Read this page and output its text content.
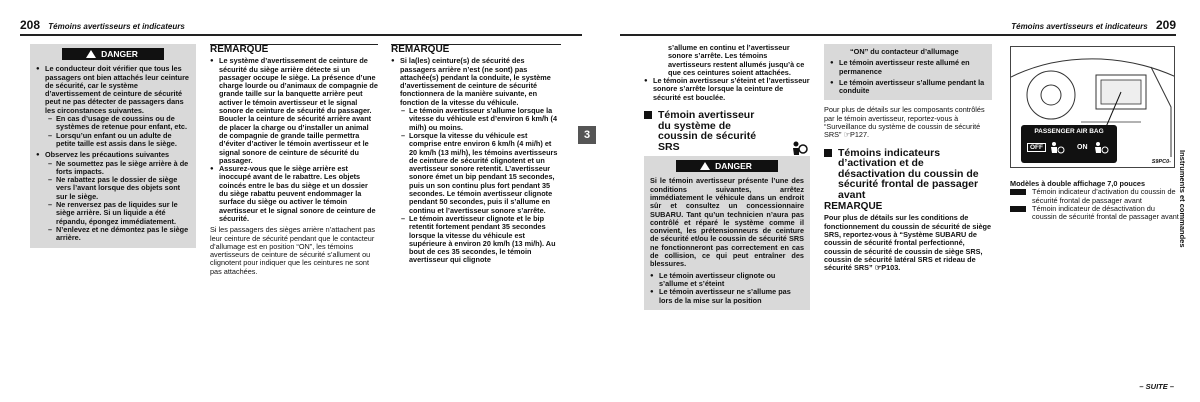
208 Témoins avertisseurs et indicateurs
DANGER

● Le conducteur doit vérifier que tous les passagers ont bien attachés leur ceinture de sécurité, car le système d’avertissement de ceinture de sécurité peut ne pas détecter de passagers dans les circonstances suivantes.

– En cas d’usage de coussins ou de systèmes de retenue pour enfant, etc.

– Lorsqu’un enfant ou un adulte de petite taille est assis dans le siège.

● Observez les précautions suivantes

– Ne soumettez pas le siège arrière à de forts impacts.

– Ne rabattez pas le dossier de siège vers l’avant lorsque des objets sont sur le siège.

– Ne renversez pas de liquides sur le siège arrière. Si un liquide a été répandu, épongez immédiatement.

– N’enlevez et ne démontez pas le siège arrière.

REMARQUE

● Le système d’avertissement de ceinture de sécurité du siège arrière détecte si un passager occupe le siège. La présence d’une charge lourde ou d’animaux de compagnie de grande taille sur la banquette arrière peut activer le témoin avertisseur et le signal sonore de ceinture de sécurité du passager. Boucler la ceinture de sécurité arrière avant de placer la charge ou d’installer un animal de compagnie de grande taille permettra d’éviter d’activer le témoin avertisseur et le signal sonore de ceinture de sécurité du passager.

● Assurez-vous que le siège arrière est inoccupé avant de le rabattre. Les objets coincés entre le bas du siège et un dossier du siège rabattu peuvent endommager la surface du siège ou activer le témoin avertisseur et le signal sonore de ceinture de sécurité.

Si les passagers des sièges arrière n’attachent pas leur ceinture de sécurité pendant que le contacteur d’allumage est en position “ON”, les témoins avertisseurs de ceinture de sécurité s’allument ou clignotent pour indiquer que les ceintures ne sont pas attachées.

REMARQUE

● Si la(les) ceinture(s) de sécurité des passagers arrière n’est (ne sont) pas attachée(s) pendant la conduite, le système d’avertissement de ceinture de sécurité fonctionnera de la manière suivante, en fonction de la vitesse du véhicule.

– Le témoin avertisseur s’allume lorsque la vitesse du véhicule est d’environ 6 km/h (4 mi/h) ou moins.

– Lorsque la vitesse du véhicule est comprise entre environ 6 km/h (4 mi/h) et 20 km/h (13 mi/h), les témoins avertisseurs de ceinture de sécurité clignotent et un avertisseur sonore retentit. L’avertisseur sonore émet un bip pendant 15 secondes, puis un son continu plus fort pendant 35 secondes. Le témoin avertisseur clignote pendant 50 secondes, puis il s’allume en continu et l’avertisseur sonore s’arrête.

– Le témoin avertisseur clignote et le bip retentit fortement pendant 35 secondes lorsque la vitesse du véhicule est supérieure à environ 20 km/h (13 mi/h). Au bout de ces 35 secondes, le témoin avertisseur qui clignote

Témoins avertisseurs et indicateurs 209

s’allume en continu et l’avertisseur sonore s’arrête. Les témoins avertisseurs restent allumés jusqu’à ce que ces ceintures soient attachées.

● Le témoin avertisseur s’éteint et l’avertisseur sonore s’arrête lorsque la ceinture de sécurité est bouclée.

Témoin avertisseur du système de coussin de sécurité SRS
DANGER

Si le témoin avertisseur présente l’une des conditions suivantes, arrêtez immédiatement le véhicule dans un endroit sûr et consultez un concessionnaire SUBARU. Tant qu’un technicien n’aura pas contrôlé et réparé le système comme il convient, les prétensionneurs de ceinture de sécurité et/ou le coussin de sécurité SRS ne fonctionneront pas correctement en cas de collision, ce qui peut entraîner des blessures.

● Le témoin avertisseur clignote ou s’allume et s’éteint

● Le témoin avertisseur ne s’allume pas lors de la mise sur la position

“ON” du contacteur d’allumage

● Le témoin avertisseur reste allumé en permanence

● Le témoin avertisseur s’allume pendant la conduite

Pour plus de détails sur les composants contrôlés par le témoin avertisseur, reportez-vous à “Surveillance du système de coussin de sécurité SRS” ☞P127.

Témoins indicateurs d’activation et de désactivation du coussin de sécurité frontal de passager avant
REMARQUE

Pour plus de détails sur les conditions de fonctionnement du coussin de sécurité de siège SRS, reportez-vous à “Système SUBARU de coussin de sécurité frontal perfectionné, coussin de sécurité de coussin de siège SRS, coussin de sécurité latéral SRS et rideau de sécurité SRS” ☞P103.

PASSENGER AIR BAG
OFF	ON
S9PC0-

Modèles à double affichage 7,0 pouces

Témoin indicateur d’activation du coussin de sécurité frontal de passager avant

Témoin indicateur de désactivation du coussin de sécurité frontal de passager avant

– SUITE –
3
Instruments et commandes
